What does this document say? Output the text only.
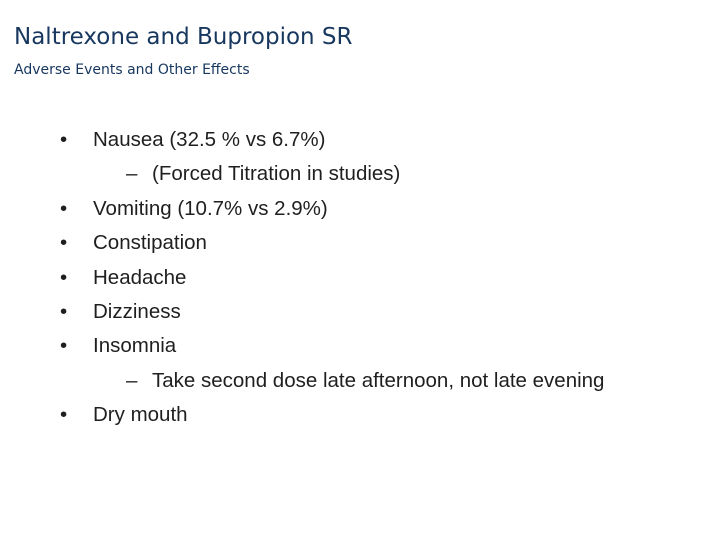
Naltrexone and Bupropion SR
Adverse Events and Other Effects
•	Nausea (32.5 % vs 6.7%)
– (Forced Titration in studies)
•	Vomiting (10.7% vs 2.9%)
•	Constipation
•	Headache
•	Dizziness
•	Insomnia
– Take second dose late afternoon, not late evening
•	Dry mouth
